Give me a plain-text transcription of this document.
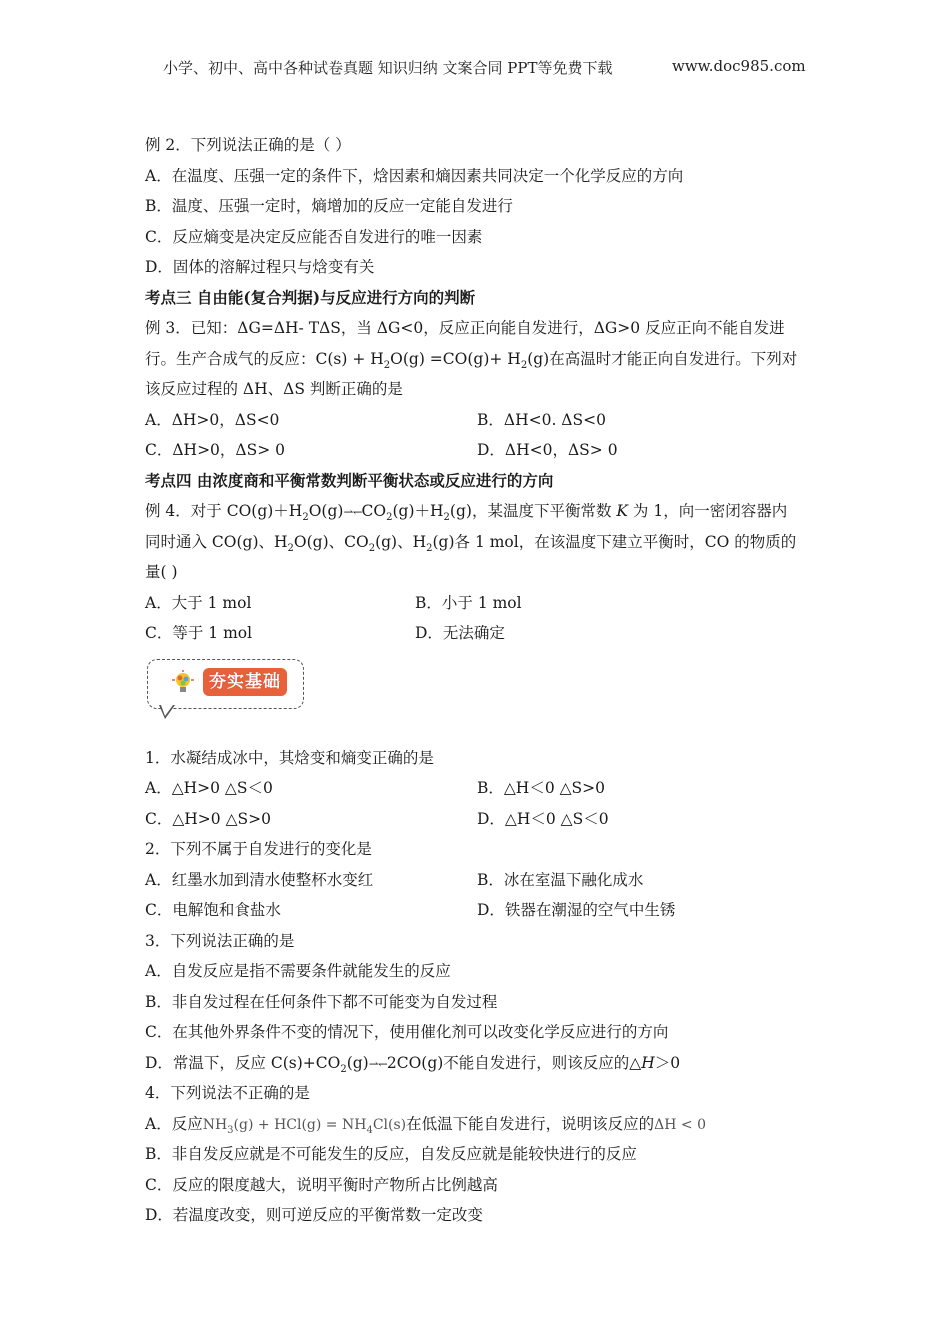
小学、初中、高中各种试卷真题 知识归纳 文案合同 PPT等免费下载	www.doc985.com
例 2．下列说法正确的是（ ）
A．在温度、压强一定的条件下，焓因素和熵因素共同决定一个化学反应的方向
B．温度、压强一定时，熵增加的反应一定能自发进行
C．反应熵变是决定反应能否自发进行的唯一因素
D．固体的溶解过程只与焓变有关
考点三 自由能(复合判据)与反应进行方向的判断
例 3．已知：ΔG=ΔH- TΔS，当 ΔG<0，反应正向能自发进行，ΔG>0 反应正向不能自发进
行。生产合成气的反应：$C(s) + H_2O(g) =CO(g)+ H_2(g)$在高温时才能正向自发进行。下列对
该反应过程的 ΔH、ΔS 判断正确的是
A．ΔH>0，ΔS<0	B．ΔH<0. ΔS<0
C．ΔH>0，ΔS> 0	D．ΔH<0，ΔS> 0
考点四 由浓度商和平衡常数判断平衡状态或反应进行的方向
例 4．对于 $CO(g)+H_2O(g)⇀↽CO_2(g)+H_2(g)$，某温度下平衡常数 K 为 1，向一密闭容器内
同时通入 CO(g)、$H_2O(g)$、$CO_2(g)$、$H_2(g)$各 1 mol，在该温度下建立平衡时，CO 的物质的
量( )
A．大于 1 mol	B．小于 1 mol
C．等于 1 mol	D．无法确定
夯实基础
1．水凝结成冰中，其焓变和熵变正确的是
A．△H>0 △S＜0	B．△H＜0 △S>0
C．△H>0 △S>0	D．△H＜0 △S＜0
2．下列不属于自发进行的变化是
A．红墨水加到清水使整杯水变红	B．冰在室温下融化成水
C．电解饱和食盐水	D．铁器在潮湿的空气中生锈
3．下列说法正确的是
A．自发反应是指不需要条件就能发生的反应
B．非自发过程在任何条件下都不可能变为自发过程
C．在其他外界条件不变的情况下，使用催化剂可以改变化学反应进行的方向
D．常温下，反应 $C(s)+CO_2(g)⇀↽2CO(g)$不能自发进行，则该反应的△H＞0
4．下列说法不正确的是
A．反应$NH_3(g) + HCl(g) = NH_4Cl(s)$在低温下能自发进行，说明该反应的ΔH < 0
B．非自发反应就是不可能发生的反应，自发反应就是能较快进行的反应
C．反应的限度越大，说明平衡时产物所占比例越高
D．若温度改变，则可逆反应的平衡常数一定改变
